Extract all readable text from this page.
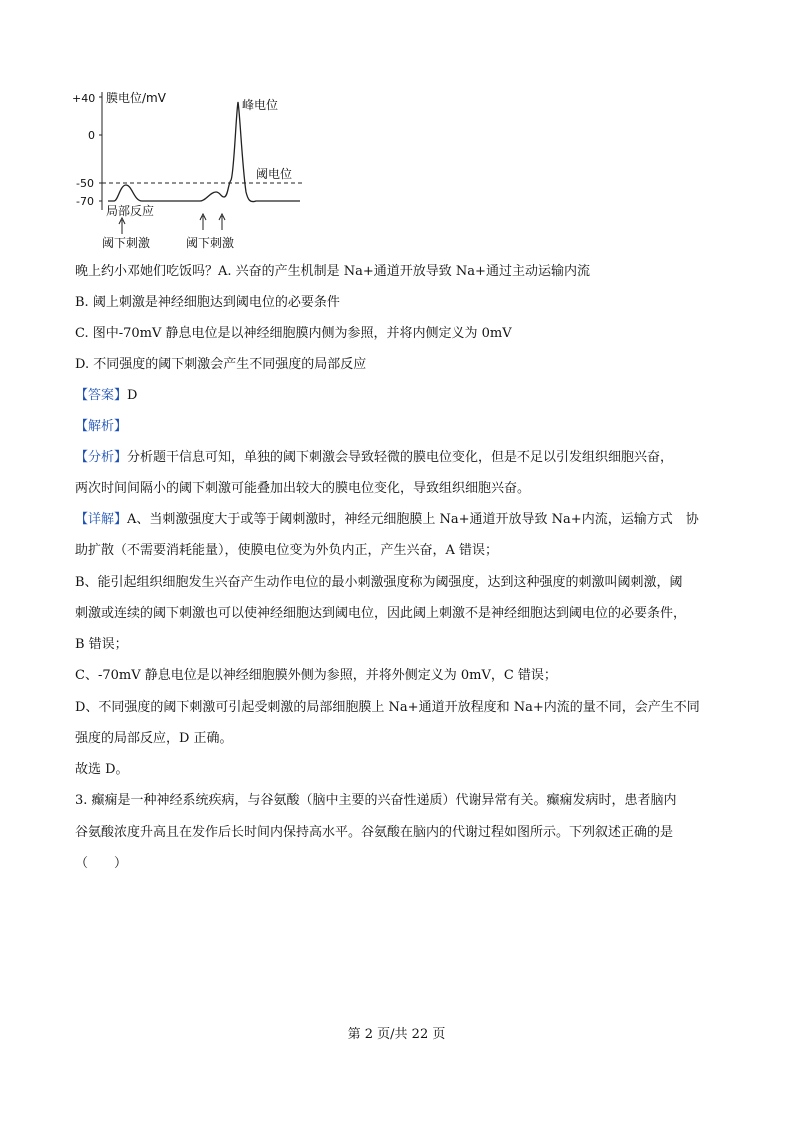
+40
0
-50
-70
膜电位/mV
阈电位
峰电位
局部反应
阈下刺激	阈下刺激

晚上约小邓她们吃饭吗？A. 兴奋的产生机制是 Na+通道开放导致 Na+通过主动运输内流

B. 阈上刺激是神经细胞达到阈电位的必要条件

C. 图中-70mV 静息电位是以神经细胞膜内侧为参照，并将内侧定义为 0mV

D. 不同强度的阈下刺激会产生不同强度的局部反应

【答案】D

【解析】

【分析】分析题干信息可知，单独的阈下刺激会导致轻微的膜电位变化，但是不足以引发组织细胞兴奋，

两次时间间隔小的阈下刺激可能叠加出较大的膜电位变化，导致组织细胞兴奋。

【详解】A、当刺激强度大于或等于阈刺激时，神经元细胞膜上 Na+通道开放导致 Na+内流，运输方式　协

助扩散（不需要消耗能量），使膜电位变为外负内正，产生兴奋，A 错误；

B、能引起组织细胞发生兴奋产生动作电位的最小刺激强度称为阈强度，达到这种强度的刺激叫阈刺激，阈

刺激或连续的阈下刺激也可以使神经细胞达到阈电位，因此阈上刺激不是神经细胞达到阈电位的必要条件，

B 错误；

C、-70mV 静息电位是以神经细胞膜外侧为参照，并将外侧定义为 0mV，C 错误；

D、不同强度的阈下刺激可引起受刺激的局部细胞膜上 Na+通道开放程度和 Na+内流的量不同，会产生不同

强度的局部反应，D 正确。

故选 D。

3. 癫痫是一种神经系统疾病，与谷氨酸（脑中主要的兴奋性递质）代谢异常有关。癫痫发病时，患者脑内

谷氨酸浓度升高且在发作后长时间内保持高水平。谷氨酸在脑内的代谢过程如图所示。下列叙述正确的是

（　　）

第 2 页/共 22 页
